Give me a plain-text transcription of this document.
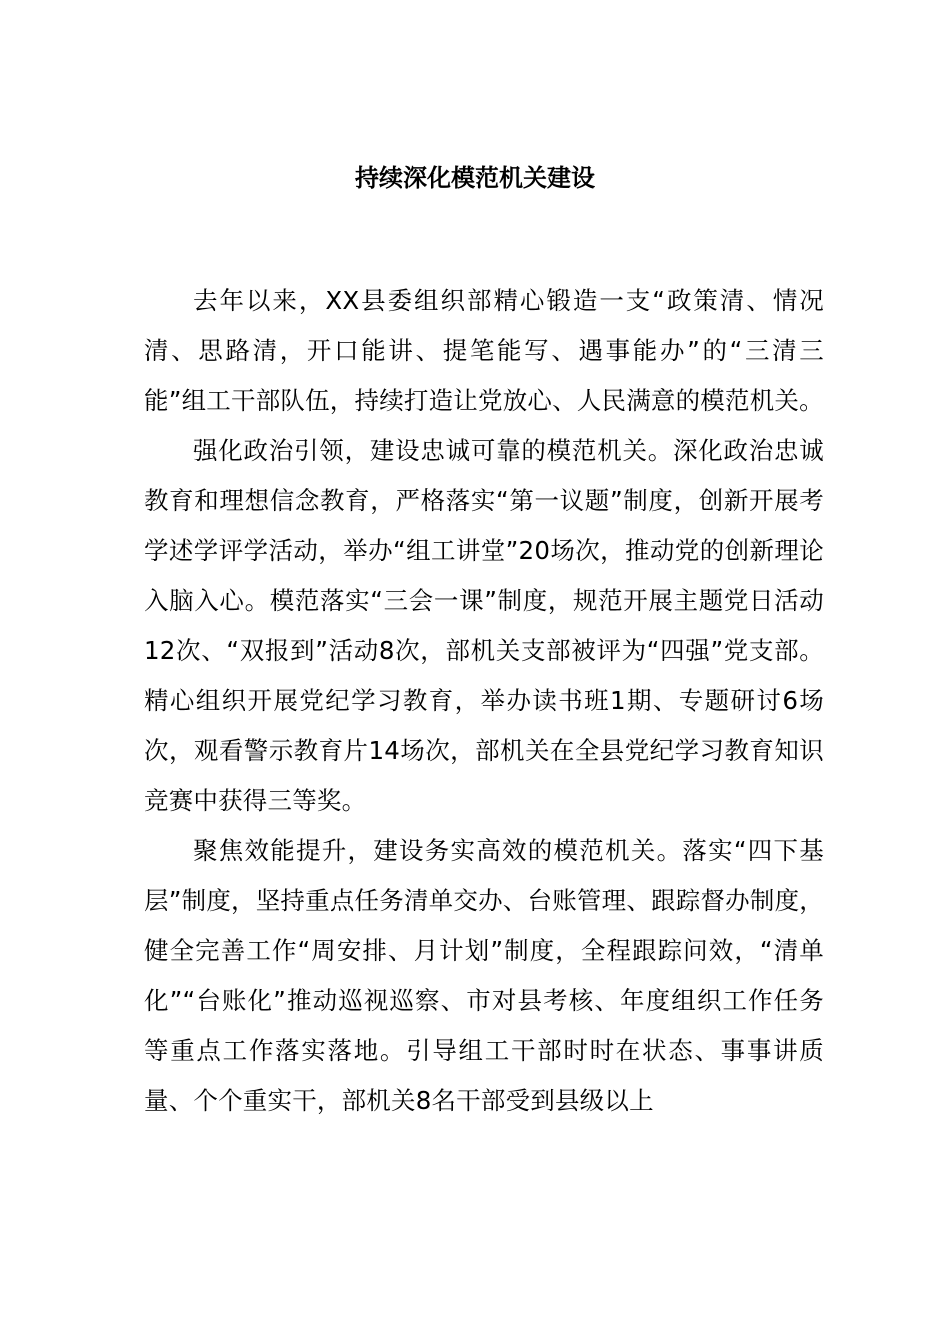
持续深化模范机关建设

去年以来，XX县委组织部精心锻造一支“政策清、情况清、思路清，开口能讲、提笔能写、遇事能办”的“三清三能”组工干部队伍，持续打造让党放心、人民满意的模范机关。

强化政治引领，建设忠诚可靠的模范机关。深化政治忠诚教育和理想信念教育，严格落实“第一议题”制度，创新开展考学述学评学活动，举办“组工讲堂”20场次，推动党的创新理论入脑入心。模范落实“三会一课”制度，规范开展主题党日活动12次、“双报到”活动8次，部机关支部被评为“四强”党支部。精心组织开展党纪学习教育，举办读书班1期、专题研讨6场次，观看警示教育片14场次，部机关在全县党纪学习教育知识竞赛中获得三等奖。

聚焦效能提升，建设务实高效的模范机关。落实“四下基层”制度，坚持重点任务清单交办、台账管理、跟踪督办制度，健全完善工作“周安排、月计划”制度，全程跟踪问效，“清单化”“台账化”推动巡视巡察、市对县考核、年度组织工作任务等重点工作落实落地。引导组工干部时时在状态、事事讲质量、个个重实干，部机关8名干部受到县级以上
